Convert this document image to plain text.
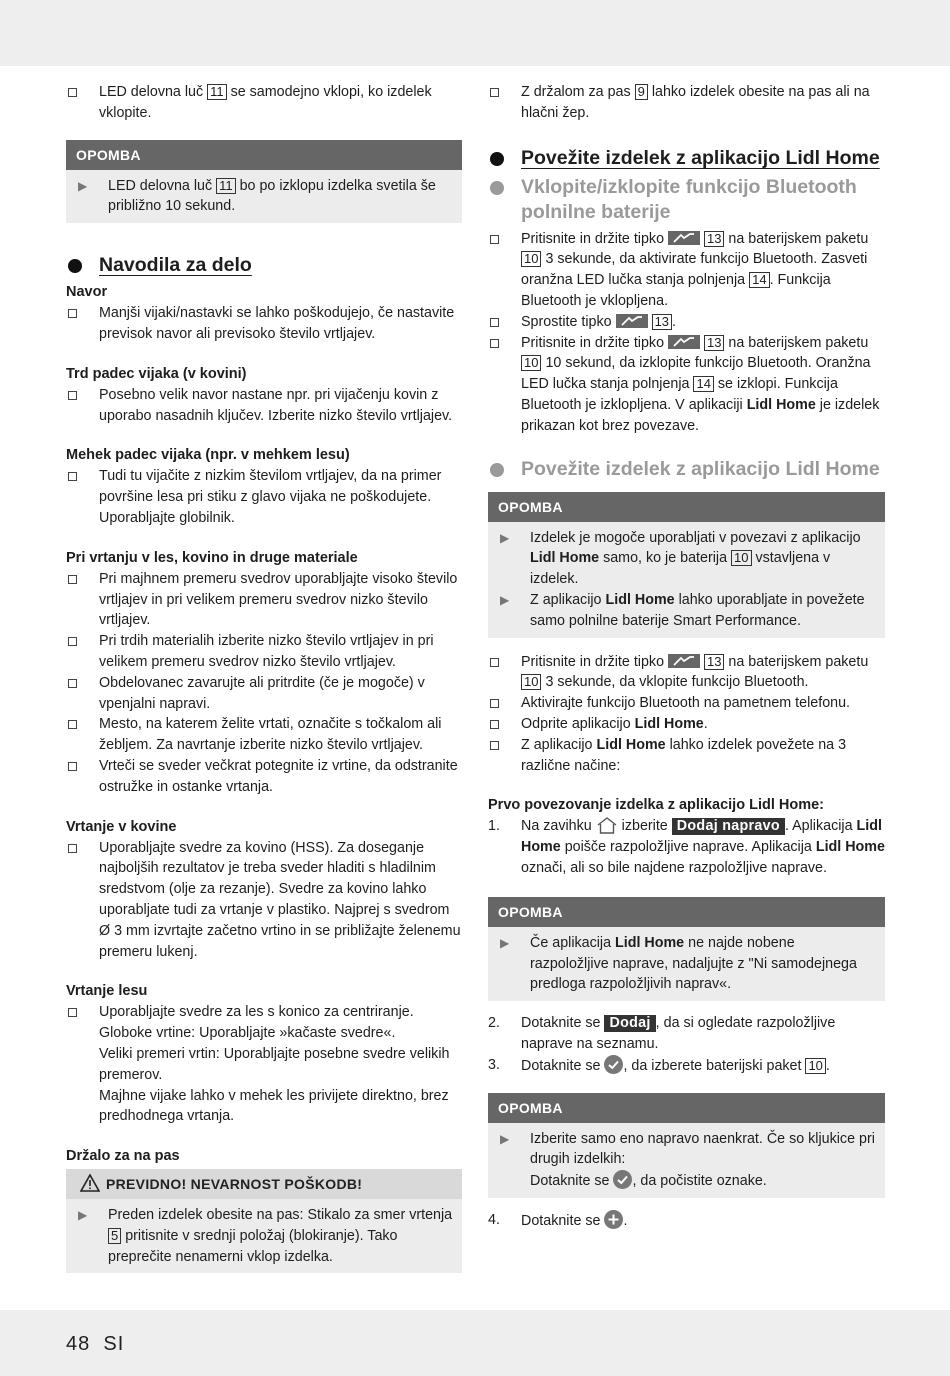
LED delovna luč 11 se samodejno vklopi, ko izdelek vklopite.
OPOMBA
▶ LED delovna luč 11 bo po izklopu izdelka svetila še približno 10 sekund.
Navodila za delo
Navor
Manjši vijaki/nastavki se lahko poškodujejo, če nastavite previsok navor ali previsoko število vrtljajev.
Trd padec vijaka (v kovini)
Posebno velik navor nastane npr. pri vijačenju kovin z uporabo nasadnih ključev. Izberite nizko število vrtljajev.
Mehek padec vijaka (npr. v mehkem lesu)
Tudi tu vijačite z nizkim številom vrtljajev, da na primer površine lesa pri stiku z glavo vijaka ne poškodujete. Uporabljajte globilnik.
Pri vrtanju v les, kovino in druge materiale
Pri majhnem premeru svedrov uporabljajte visoko število vrtljajev in pri velikem premeru svedrov nizko število vrtljajev.
Pri trdih materialih izberite nizko število vrtljajev in pri velikem premeru svedrov nizko število vrtljajev.
Obdelovanec zavarujte ali pritrdite (če je mogoče) v vpenjalni napravi.
Mesto, na katerem želite vrtati, označite s točkalom ali žebljem. Za navrtanje izberite nizko število vrtljajev.
Vrteči se sveder večkrat potegnite iz vrtine, da odstranite ostružke in ostanke vrtanja.
Vrtanje v kovine
Uporabljajte svedre za kovino (HSS). Za doseganje najboljših rezultatov je treba sveder hladiti s hladilnim sredstvom (olje za rezanje). Svedre za kovino lahko uporabljate tudi za vrtanje v plastiko. Najprej s svedrom Ø 3 mm izvrtajte začetno vrtino in se približajte želenemu premeru lukenj.
Vrtanje lesu
Uporabljajte svedre za les s konico za centriranje.
Globoke vrtine: Uporabljajte »kačaste svedre«.
Veliki premeri vrtin: Uporabljajte posebne svedre velikih premerov.
Majhne vijake lahko v mehek les privijete direktno, brez predhodnega vrtanja.
Držalo za na pas
PREVIDNO! NEVARNOST POŠKODB!
▶ Preden izdelek obesite na pas: Stikalo za smer vrtenja 5 pritisnite v srednji položaj (blokiranje). Tako preprečite nenamerni vklop izdelka.
Z držalom za pas 9 lahko izdelek obesite na pas ali na hlačni žep.
Povežite izdelek z aplikacijo Lidl Home
Vklopite/izklopite funkcijo Bluetooth polnilne baterije
Pritisnite in držite tipko	13 na baterijskem paketu 10 3 sekunde, da aktivirate funkcijo Bluetooth. Zasveti oranžna LED lučka stanja polnjenja 14 . Funkcija Bluetooth je vklopljena.
Sprostite tipko	13 .
Pritisnite in držite tipko	13 na baterijskem paketu 10 10 sekund, da izklopite funkcijo Bluetooth. Oranžna LED lučka stanja polnjenja 14 se izklopi. Funkcija Bluetooth je izklopljena. V aplikaciji Lidl Home je izdelek prikazan kot brez povezave.
Povežite izdelek z aplikacijo Lidl Home
OPOMBA
▶ Izdelek je mogoče uporabljati v povezavi z aplikacijo Lidl Home samo, ko je baterija 10 vstavljena v izdelek.
▶ Z aplikacijo Lidl Home lahko uporabljate in povežete samo polnilne baterije Smart Performance.
Pritisnite in držite tipko	13 na baterijskem paketu 10 3 sekunde, da vklopite funkcijo Bluetooth.
Aktivirajte funkcijo Bluetooth na pametnem telefonu.
Odprite aplikacijo Lidl Home.
Z aplikacijo Lidl Home lahko izdelek povežete na 3 različne načine:
Prvo povezovanje izdelka z aplikacijo Lidl Home:
1. Na zavihku  izberite Dodaj napravo . Aplikacija Lidl Home poišče razpoložljive naprave. Aplikacija Lidl Home označi, ali so bile najdene razpoložljive naprave.
OPOMBA
▶ Če aplikacija Lidl Home ne najde nobene razpoložljive naprave, nadaljujte z "Ni samodejnega predloga razpoložljivih naprav«.
2. Dotaknite se Dodaj , da si ogledate razpoložljive naprave na seznamu.
3. Dotaknite se , da izberete baterijski paket 10 .
OPOMBA
▶ Izberite samo eno napravo naenkrat. Če so kljukice pri drugih izdelkih:
Dotaknite se , da počistite oznake.
4. Dotaknite se .
48 SI
